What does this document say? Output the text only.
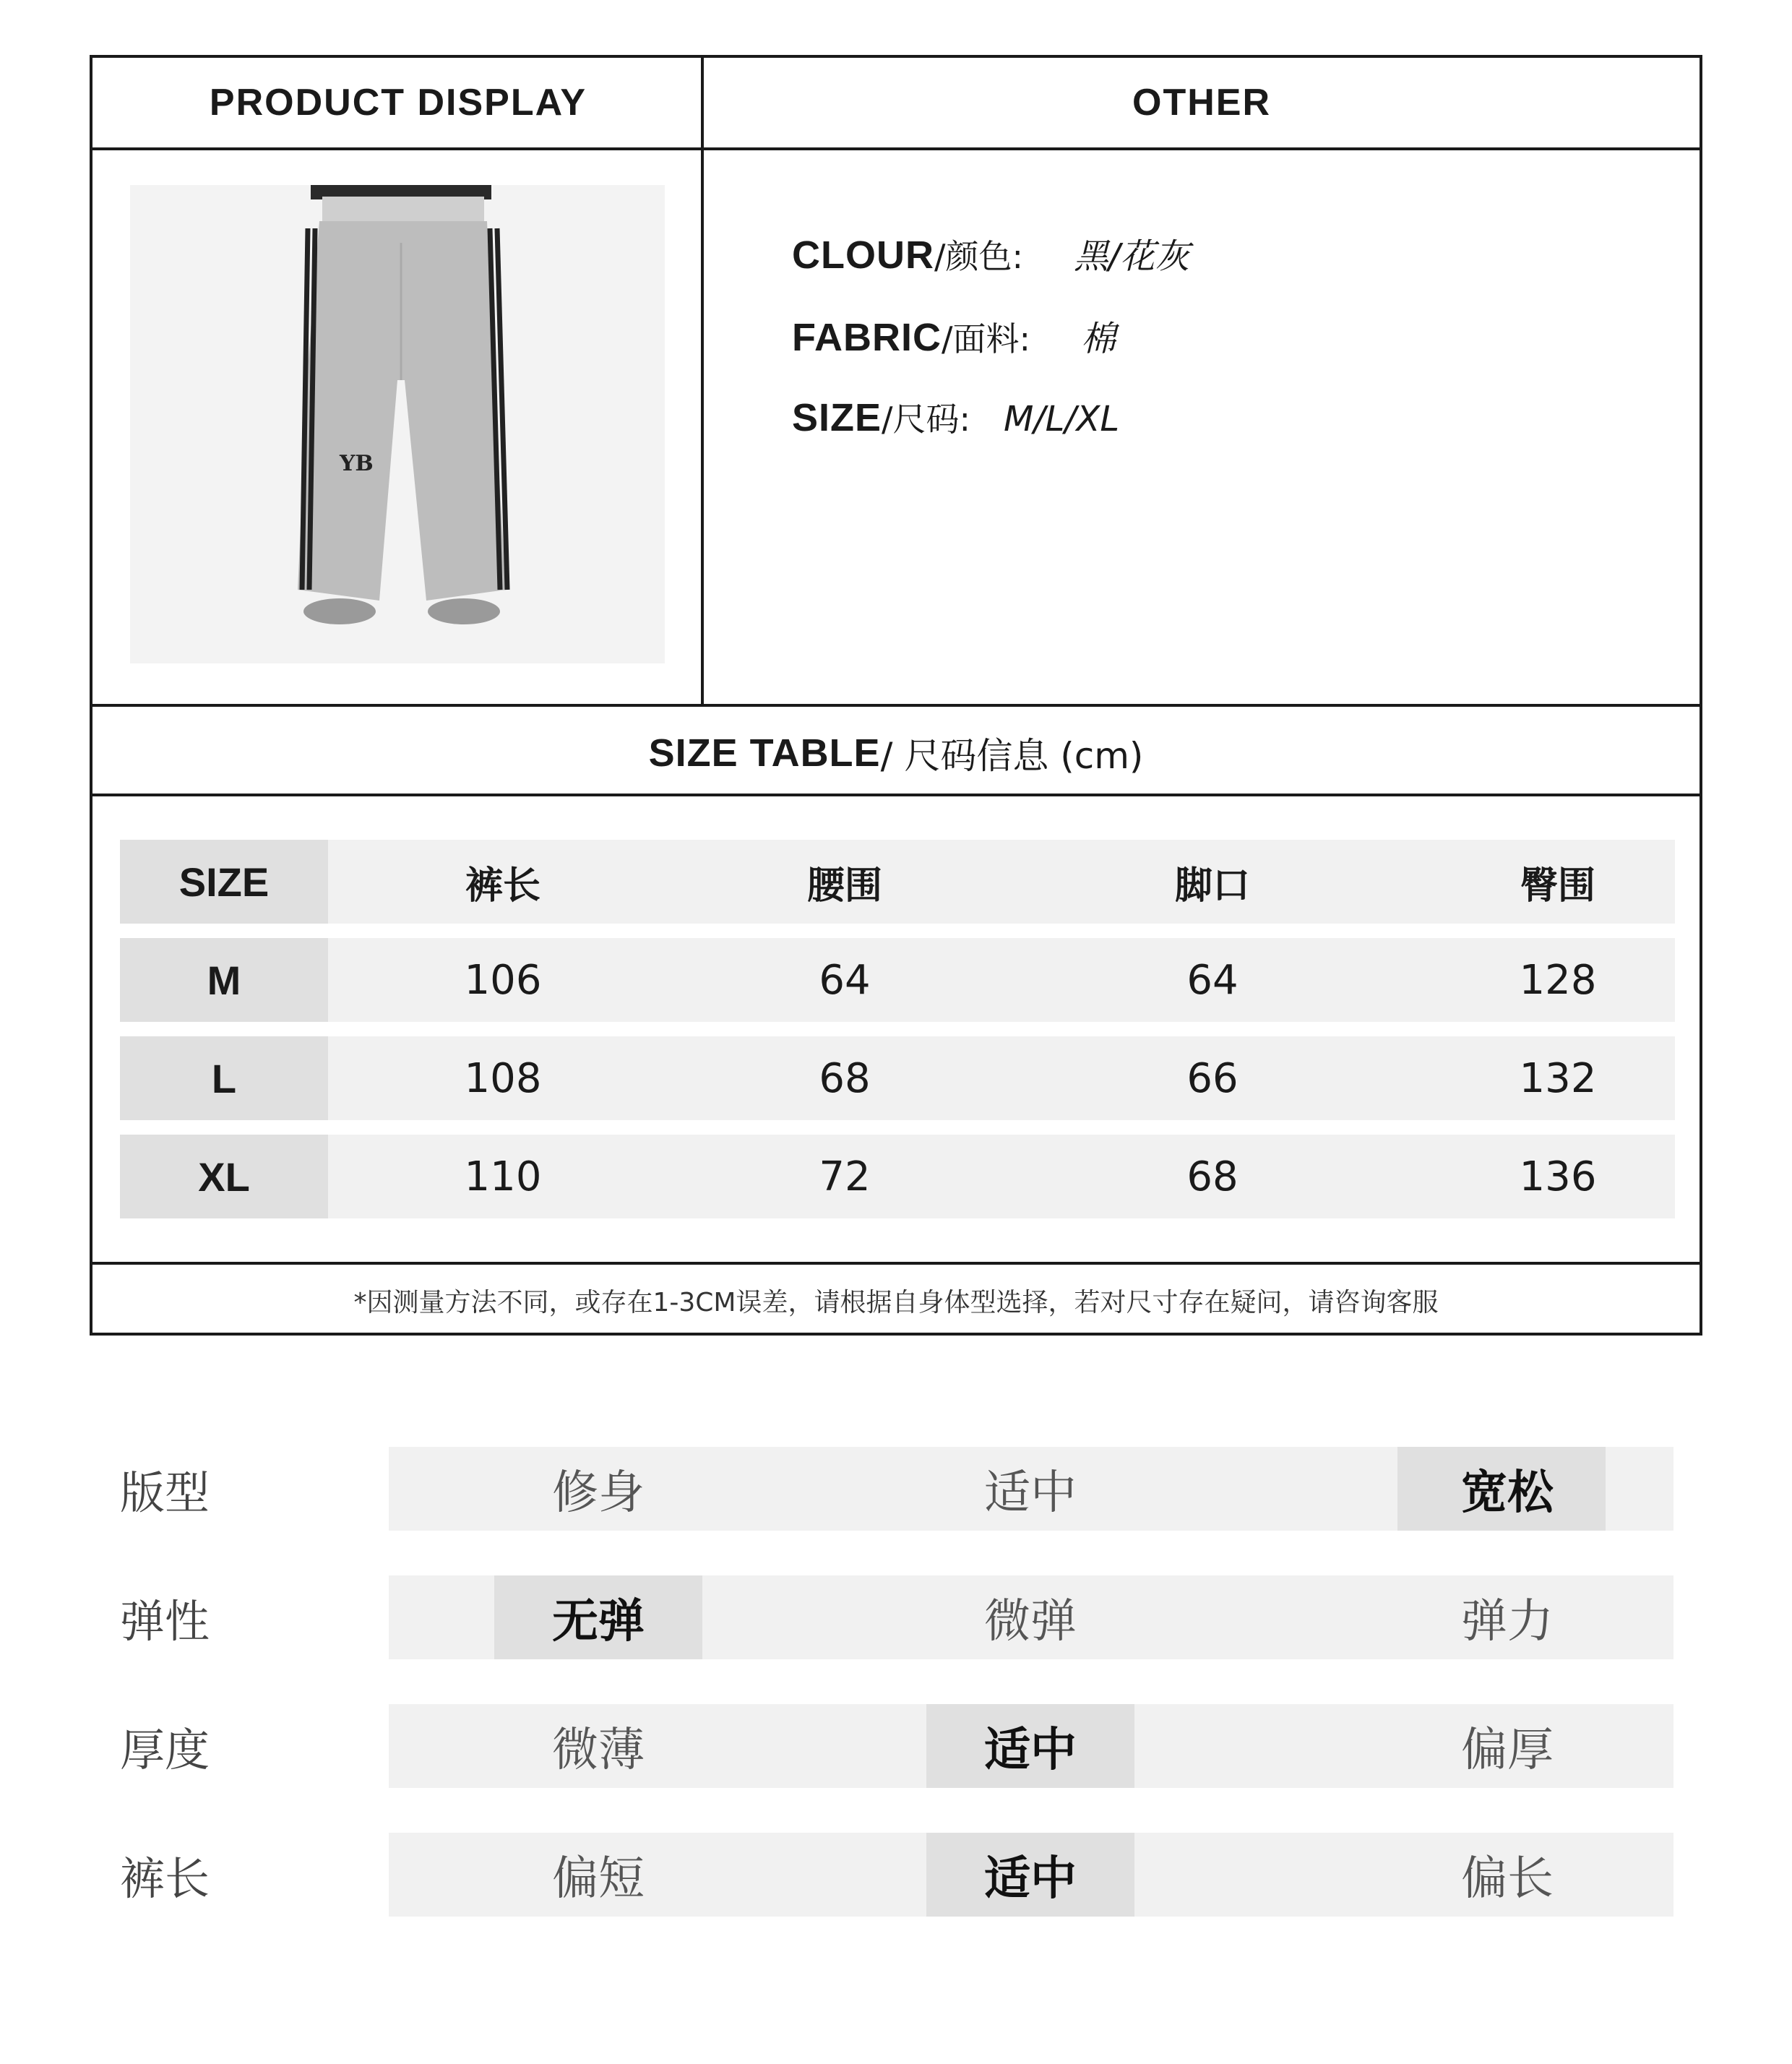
PRODUCT DISPLAY	OTHER
YB
CLOUR /颜色: 黑/花灰
FABRIC /面料: 棉
SIZE /尺码: M/L/XL
SIZE TABLE / 尺码信息 (cm)
SIZE	裤长	腰围	脚口	臀围
M	106	64	64	128
L	108	68	66	132
XL	110	72	68	136
*因测量方法不同，或存在1-3CM误差，请根据自身体型选择，若对尺寸存在疑问，请咨询客服
版型	修身	适中	宽松
弹性	无弹	微弹	弹力
厚度	微薄	适中	偏厚
裤长	偏短	适中	偏长
